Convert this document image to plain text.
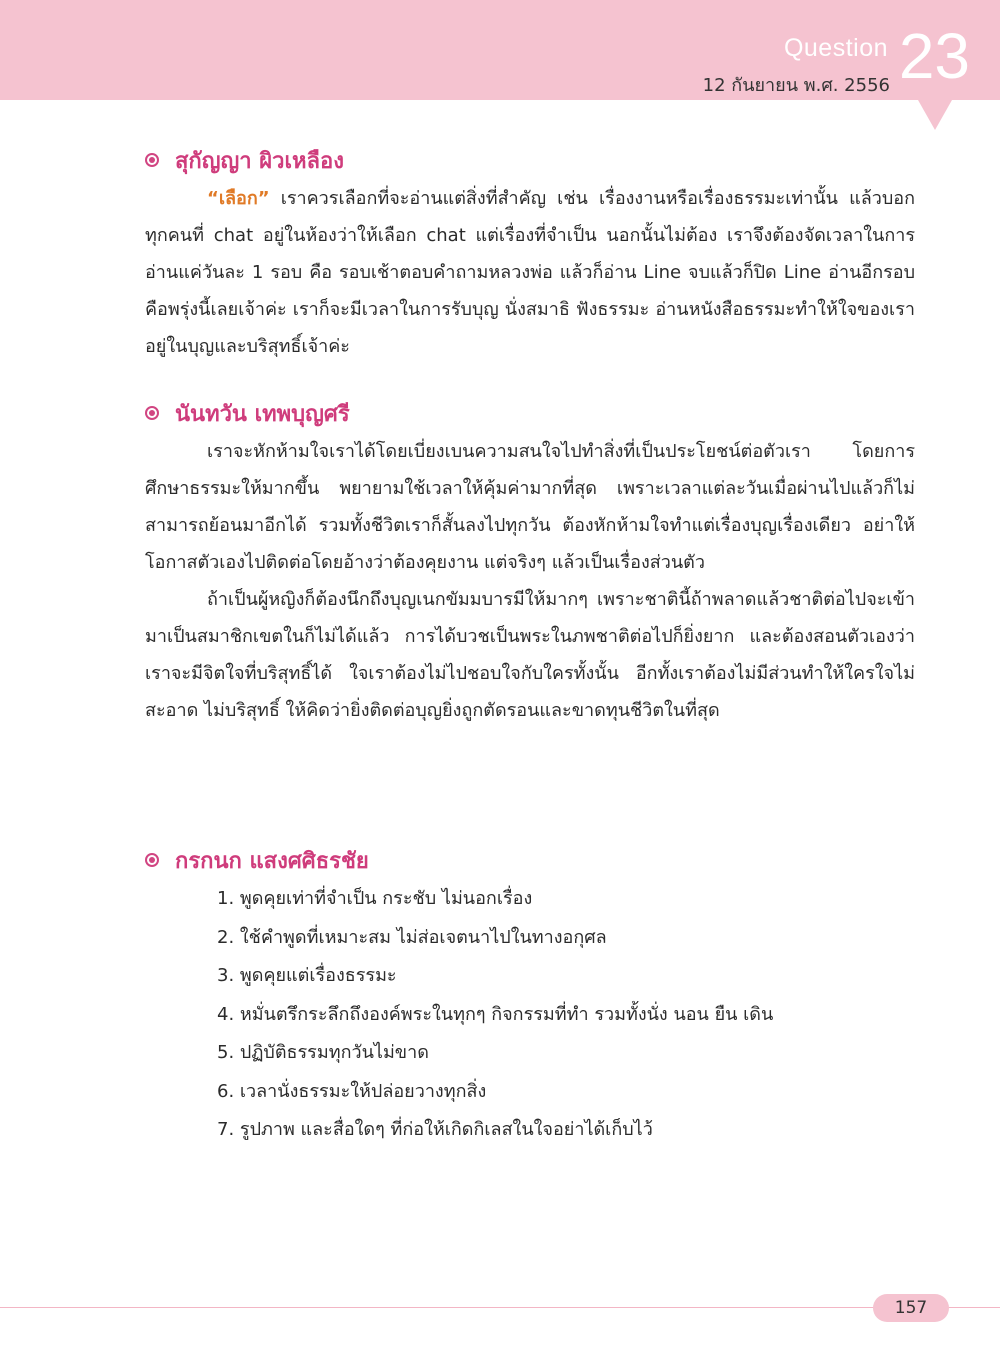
Question
12 กันยายน พ.ศ. 2556 23
สุกัญญา ผิวเหลือง

“เลือก” เราควรเลือกที่จะอ่านแต่สิ่งที่สำคัญ เช่น เรื่องงานหรือเรื่องธรรมะเท่านั้น แล้วบอกทุกคนที่ chat อยู่ในห้องว่าให้เลือก chat แต่เรื่องที่จำเป็น นอกนั้นไม่ต้อง เราจึงต้องจัดเวลาในการอ่านแค่วันละ 1 รอบ คือ รอบเช้าตอบคำถามหลวงพ่อ แล้วก็อ่าน Line จบแล้วก็ปิด Line อ่านอีกรอบคือพรุ่งนี้เลยเจ้าค่ะ เราก็จะมีเวลาในการรับบุญ นั่งสมาธิ ฟังธรรมะ อ่านหนังสือธรรมะทำให้ใจของเราอยู่ในบุญและบริสุทธิ์เจ้าค่ะ

นันทวัน เทพบุญศรี

เราจะหักห้ามใจเราได้โดยเบี่ยงเบนความสนใจไปทำสิ่งที่เป็นประโยชน์ต่อตัวเรา โดยการศึกษาธรรมะให้มากขึ้น พยายามใช้เวลาให้คุ้มค่ามากที่สุด เพราะเวลาแต่ละวันเมื่อผ่านไปแล้วก็ไม่สามารถย้อนมาอีกได้ รวมทั้งชีวิตเราก็สั้นลงไปทุกวัน ต้องหักห้ามใจทำแต่เรื่องบุญเรื่องเดียว อย่าให้โอกาสตัวเองไปติดต่อโดยอ้างว่าต้องคุยงาน แต่จริงๆ แล้วเป็นเรื่องส่วนตัว

ถ้าเป็นผู้หญิงก็ต้องนึกถึงบุญเนกขัมมบารมีให้มากๆ เพราะชาตินี้ถ้าพลาดแล้วชาติต่อไปจะเข้ามาเป็นสมาชิกเขตในก็ไม่ได้แล้ว การได้บวชเป็นพระในภพชาติต่อไปก็ยิ่งยาก และต้องสอนตัวเองว่าเราจะมีจิตใจที่บริสุทธิ์ได้ ใจเราต้องไม่ไปชอบใจกับใครทั้งนั้น อีกทั้งเราต้องไม่มีส่วนทำให้ใครใจไม่สะอาด ไม่บริสุทธิ์ ให้คิดว่ายิ่งติดต่อบุญยิ่งถูกตัดรอนและขาดทุนชีวิตในที่สุด

กรกนก แสงศศิธรชัย
1. พูดคุยเท่าที่จำเป็น กระชับ ไม่นอกเรื่อง
2. ใช้คำพูดที่เหมาะสม ไม่ส่อเจตนาไปในทางอกุศล
3. พูดคุยแต่เรื่องธรรมะ
4. หมั่นตรึกระลึกถึงองค์พระในทุกๆ กิจกรรมที่ทำ รวมทั้งนั่ง นอน ยืน เดิน
5. ปฏิบัติธรรมทุกวันไม่ขาด
6. เวลานั่งธรรมะให้ปล่อยวางทุกสิ่ง
7. รูปภาพ และสื่อใดๆ ที่ก่อให้เกิดกิเลสในใจอย่าได้เก็บไว้
157
